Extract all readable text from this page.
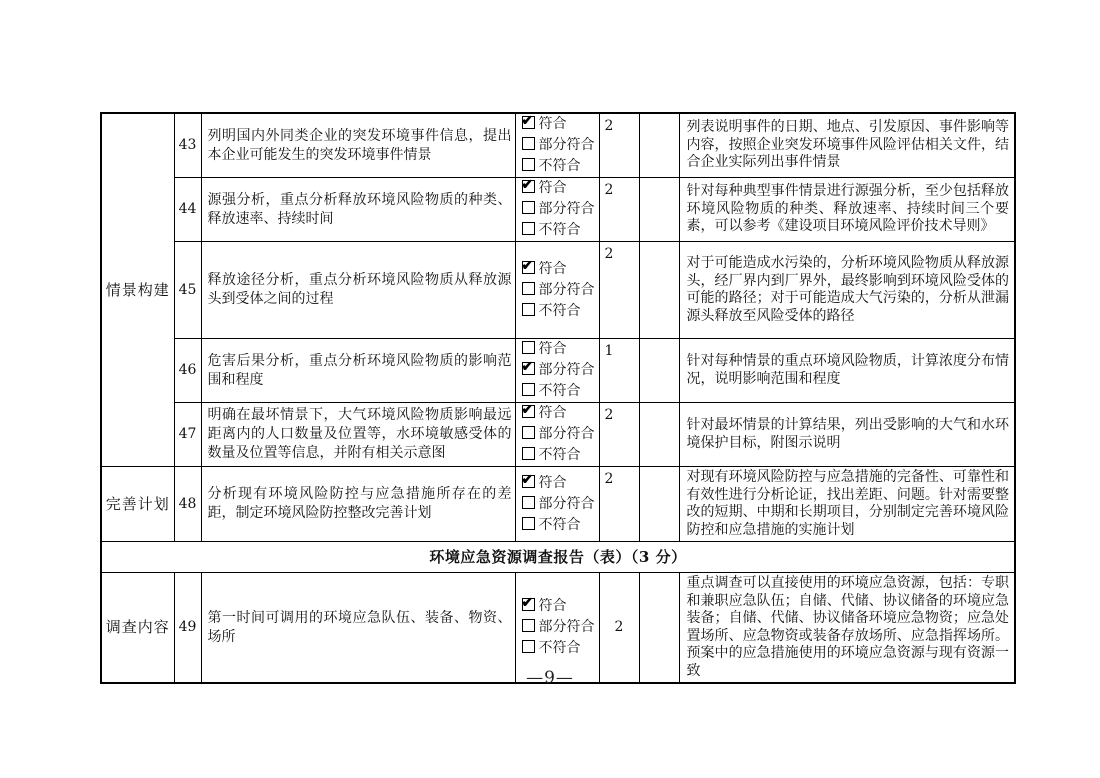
情景构建	43	列明国内外同类企业的突发环境事件信息，提出本企业可能发生的突发环境事件情景	
✔符合
部分符合
不符合	2		列表说明事件的日期、地点、引发原因、事件影响等内容，按照企业突发环境事件风险评估相关文件，结合企业实际列出事件情景
	44	源强分析，重点分析释放环境风险物质的种类、释放速率、持续时间	
✔符合
部分符合
不符合	2		针对每种典型事件情景进行源强分析，至少包括释放环境风险物质的种类、释放速率、持续时间三个要素，可以参考《建设项目环境风险评价技术导则》
	45	释放途径分析，重点分析环境风险物质从释放源头到受体之间的过程	
✔符合
部分符合
不符合	2		对于可能造成水污染的，分析环境风险物质从释放源头，经厂界内到厂界外，最终影响到环境风险受体的可能的路径；对于可能造成大气污染的，分析从泄漏源头释放至风险受体的路径
	46	危害后果分析，重点分析环境风险物质的影响范围和程度	符合
✔部分符合
不符合	1		针对每种情景的重点环境风险物质，计算浓度分布情况，说明影响范围和程度
	47	明确在最坏情景下，大气环境风险物质影响最远距离内的人口数量及位置等，水环境敏感受体的数量及位置等信息，并附有相关示意图	
✔符合
部分符合
不符合	2		针对最坏情景的计算结果，列出受影响的大气和水环境保护目标，附图示说明
完善计划	48	分析现有环境风险防控与应急措施所存在的差距，制定环境风险防控整改完善计划	
✔符合
部分符合
不符合	2		对现有环境风险防控与应急措施的完备性、可靠性和有效性进行分析论证，找出差距、问题。针对需要整改的短期、中期和长期项目，分别制定完善环境风险防控和应急措施的实施计划
环境应急资源调查报告（表）（3 分）						
调查内容	49	第一时间可调用的环境应急队伍、装备、物资、场所	
✔符合
部分符合
不符合	2		重点调查可以直接使用的环境应急资源，包括：专职和兼职应急队伍；自储、代储、协议储备的环境应急装备；自储、代储、协议储备环境应急物资；应急处置场所、应急物资或装备存放场所、应急指挥场所。预案中的应急措施使用的环境应急资源与现有资源一致
—9—
